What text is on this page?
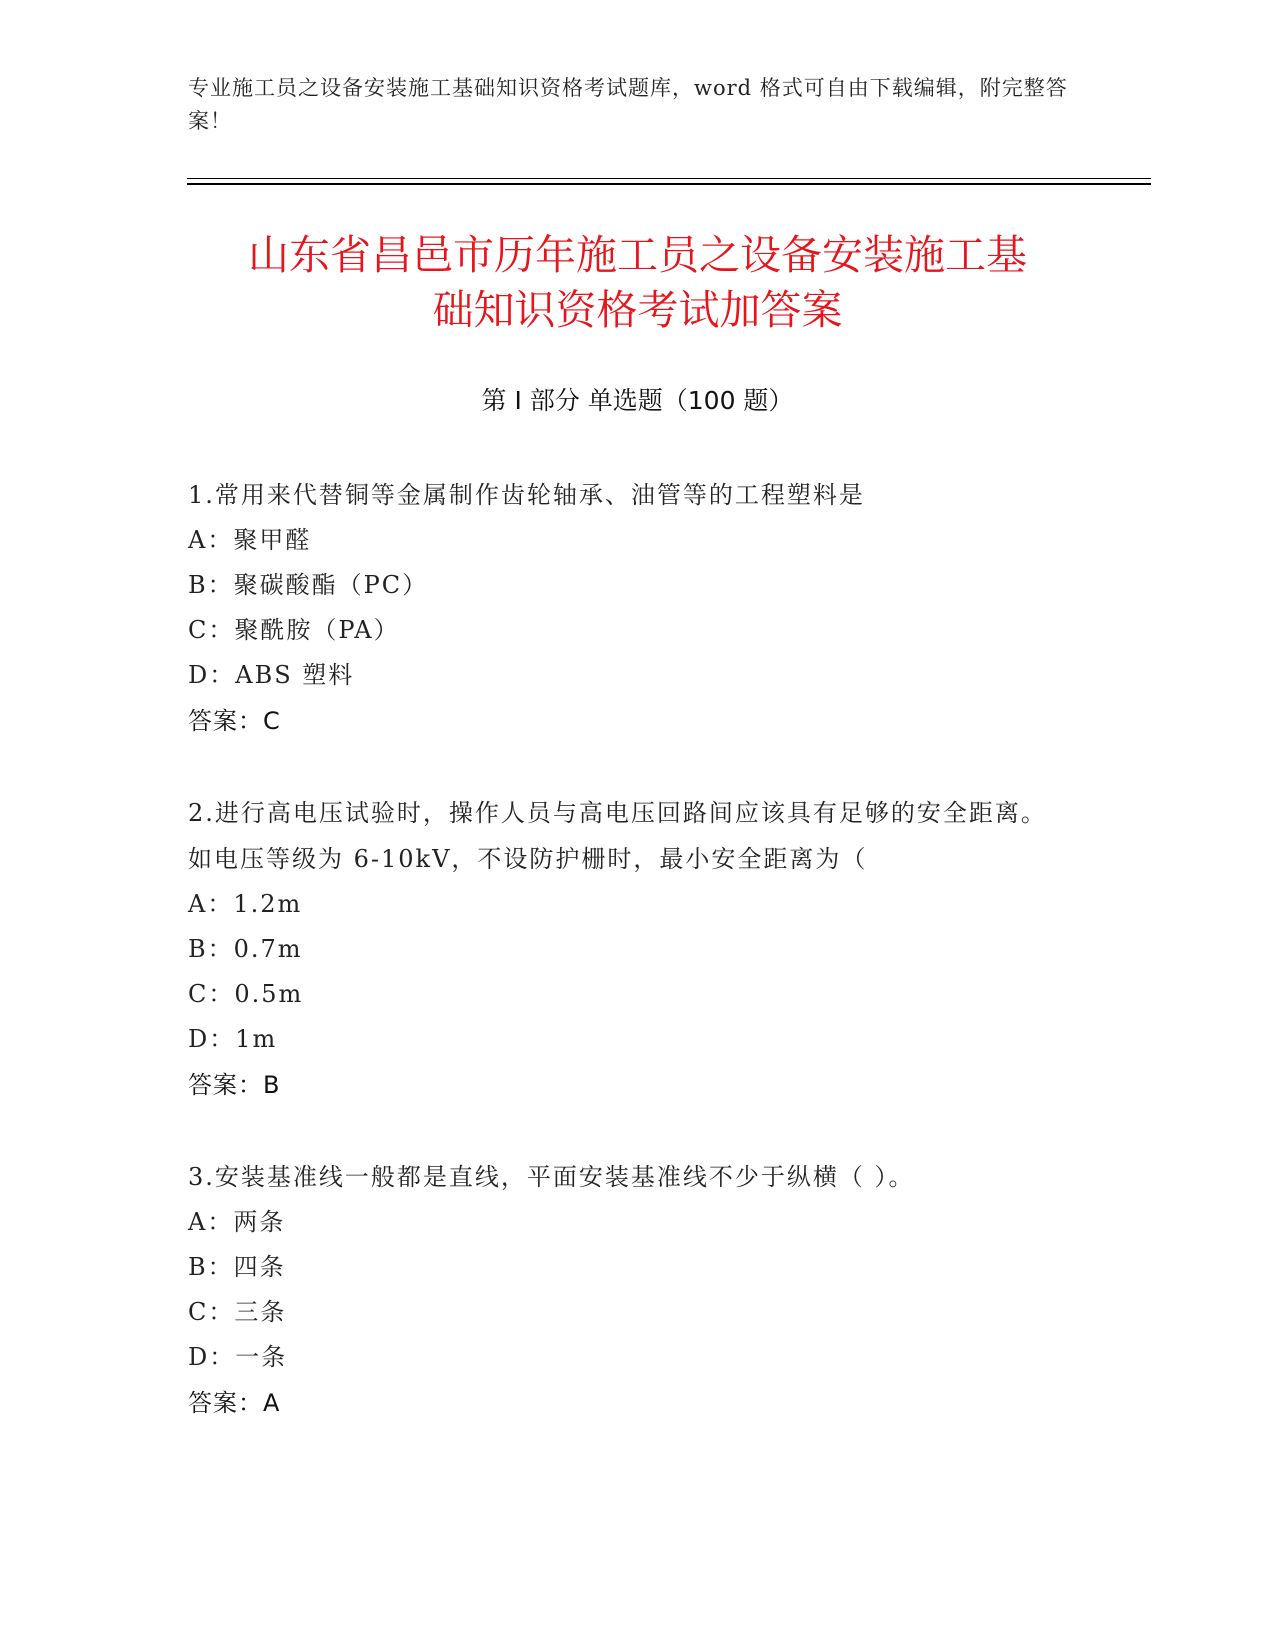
专业施工员之设备安装施工基础知识资格考试题库，word 格式可自由下载编辑，附完整答案！
山东省昌邑市历年施工员之设备安装施工基
础知识资格考试加答案
第 I 部分 单选题（100 题）

1.常用来代替铜等金属制作齿轮轴承、油管等的工程塑料是

A：聚甲醛

B：聚碳酸酯（PC）

C：聚酰胺（PA）

D：ABS 塑料

答案：C

2.进行高电压试验时，操作人员与高电压回路间应该具有足够的安全距离。如电压等级为 6-10kV，不设防护栅时，最小安全距离为（

A：1.2m

B：0.7m

C：0.5m

D：1m

答案：B

3.安装基准线一般都是直线，平面安装基准线不少于纵横（ ）。

A：两条

B：四条

C：三条

D：一条

答案：A
